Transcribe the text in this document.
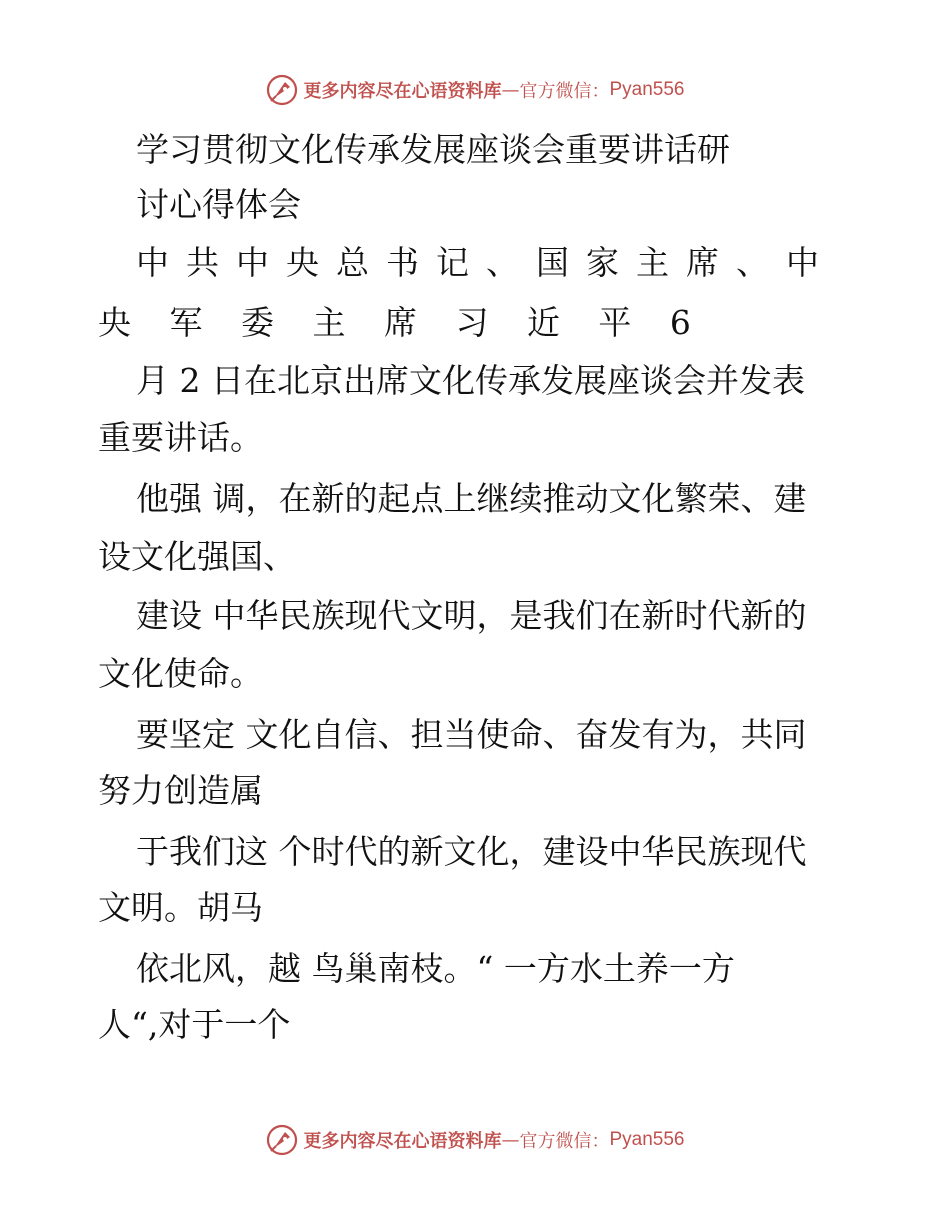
更多内容尽在心语资料库 — 官方微信： Pyan556
学习贯彻文化传承发展座谈会重要讲话研
讨心得体会
中共中央总书记、国家主席、中
央 军 委 主 席 习 近 平 6
月 2 日在北京出席文化传承发展座谈会并发表
重要讲话。
他强 调，在新的起点上继续推动文化繁荣、建
设文化强国、
建设 中华民族现代文明，是我们在新时代新的
文化使命。
要坚定 文化自信、担当使命、奋发有为，共同
努力创造属
于我们这 个时代的新文化，建设中华民族现代
文明。胡马
依北风，越 鸟巢南枝。“ 一方水土养一方
人“,对于一个
更多内容尽在心语资料库 — 官方微信： Pyan556
